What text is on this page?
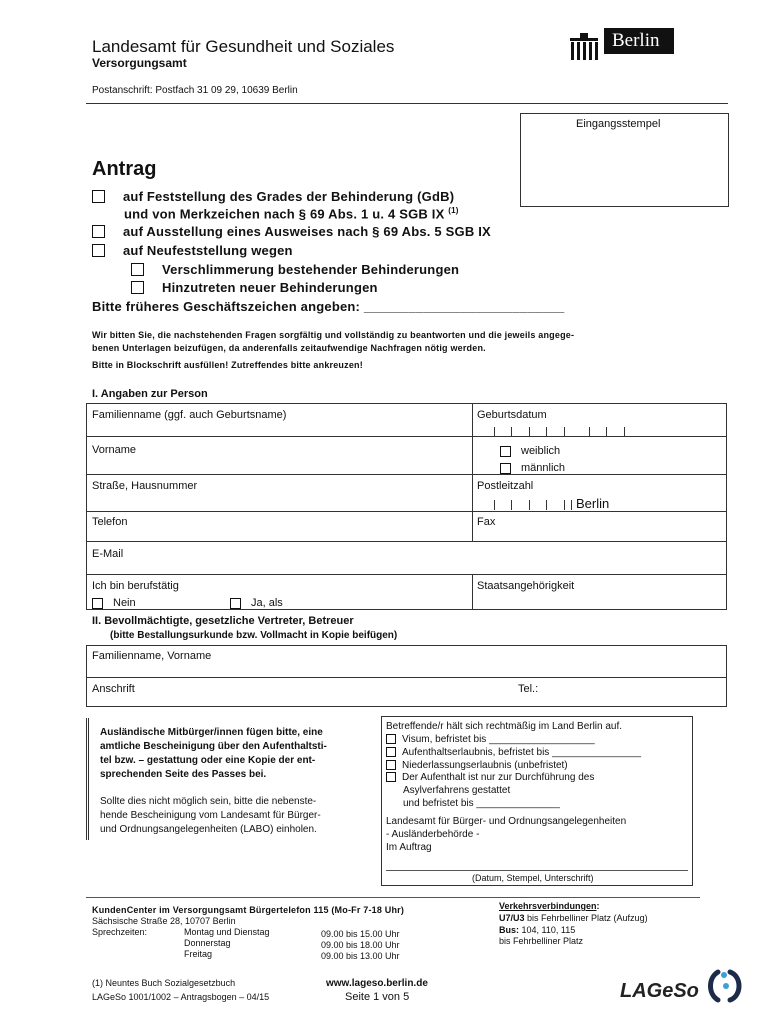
Landesamt für Gesundheit und Soziales
Versorgungsamt
Postanschrift: Postfach 31 09 29, 10639 Berlin
Berlin
Eingangsstempel
Antrag
auf Feststellung des Grades der Behinderung (GdB)
und von Merkzeichen nach § 69 Abs. 1 u. 4 SGB IX $^{(1)}$
auf Ausstellung eines Ausweises nach § 69 Abs. 5 SGB IX
auf Neufeststellung wegen
Verschlimmerung bestehender Behinderungen
Hinzutreten neuer Behinderungen
Bitte früheres Geschäftszeichen angeben: ___________________________
Wir bitten Sie, die nachstehenden Fragen sorgfältig und vollständig zu beantworten und die jeweils angege-
benen Unterlagen beizufügen, da anderenfalls zeitaufwendige Nachfragen nötig werden.
Bitte in Blockschrift ausfüllen! Zutreffendes bitte ankreuzen!
I. Angaben zur Person
Familienname (ggf. auch Geburtsname)	Geburtsdatum
Vorname	weiblich
männlich
Straße, Hausnummer	Postleitzahl
Berlin
Telefon	Fax
E-Mail
Ich bin berufstätig	Staatsangehörigkeit
Nein	Ja, als
II. Bevollmächtigte, gesetzliche Vertreter, Betreuer
(bitte Bestallungsurkunde bzw. Vollmacht in Kopie beifügen)
Familienname, Vorname
Anschrift	Tel.:
Ausländische Mitbürger/innen fügen bitte, eine
amtliche Bescheinigung über den Aufenthaltsti-
tel bzw. – gestattung oder eine Kopie der ent-
sprechenden Seite des Passes bei.
Sollte dies nicht möglich sein, bitte die nebenste-
hende Bescheinigung vom Landesamt für Bürger-
und Ordnungsangelegenheiten (LABO) einholen.
Betreffende/r hält sich rechtmäßig im Land Berlin auf.
Visum, befristet bis ___________________
Aufenthaltserlaubnis, befristet bis ________________
Niederlassungserlaubnis (unbefristet)
Der Aufenthalt ist nur zur Durchführung des
Asylverfahrens gestattet
und befristet bis _______________
Landesamt für Bürger- und Ordnungsangelegenheiten
- Ausländerbehörde -
Im Auftrag
(Datum, Stempel, Unterschrift)
KundenCenter im Versorgungsamt Bürgertelefon 115 (Mo-Fr 7-18 Uhr)
Sächsische Straße 28, 10707 Berlin
Sprechzeiten:	Montag und Dienstag	09.00 bis 15.00 Uhr
Donnerstag	09.00 bis 18.00 Uhr
Freitag	09.00 bis 13.00 Uhr
Verkehrsverbindungen:
U7/U3 bis Fehrbelliner Platz (Aufzug)
Bus: 104, 110, 115
bis Fehrbelliner Platz
(1) Neuntes Buch Sozialgesetzbuch
LAGeSo 1001/1002 – Antragsbogen – 04/15
www.lageso.berlin.de
Seite 1 von 5	LAGeSo
